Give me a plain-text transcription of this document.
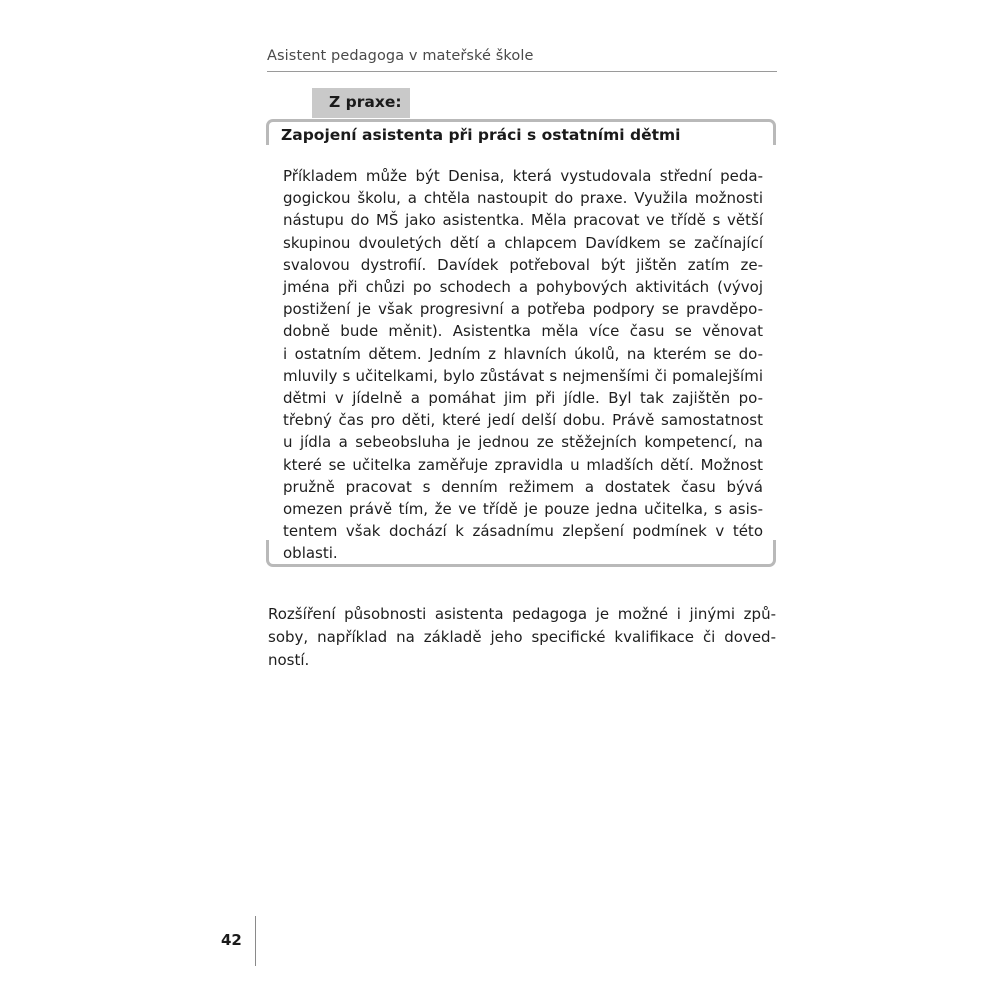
Asistent pedagoga v mateřské škole
Z praxe:
Zapojení asistenta při práci s ostatními dětmi

Příkladem může být Denisa, která vystudovala střední peda-
gogickou školu, a chtěla nastoupit do praxe. Využila možnosti
nástupu do MŠ jako asistentka. Měla pracovat ve třídě s větší
skupinou dvouletých dětí a chlapcem Davídkem se začínající
svalovou dystrofií. Davídek potřeboval být jištěn zatím ze-
jména při chůzi po schodech a pohybových aktivitách (vývoj
postižení je však progresivní a potřeba podpory se pravděpo-
dobně bude měnit). Asistentka měla více času se věnovat
i ostatním dětem. Jedním z hlavních úkolů, na kterém se do-
mluvily s učitelkami, bylo zůstávat s nejmenšími či pomalejšími
dětmi v jídelně a pomáhat jim při jídle. Byl tak zajištěn po-
třebný čas pro děti, které jedí delší dobu. Právě samostatnost
u jídla a sebeobsluha je jednou ze stěžejních kompetencí, na
které se učitelka zaměřuje zpravidla u mladších dětí. Možnost
pružně pracovat s denním režimem a dostatek času bývá
omezen právě tím, že ve třídě je pouze jedna učitelka, s asis-
tentem však dochází k zásadnímu zlepšení podmínek v této
oblasti.

Rozšíření působnosti asistenta pedagoga je možné i jinými způ-
soby, například na základě jeho specifické kvalifikace či doved-
ností.

42
